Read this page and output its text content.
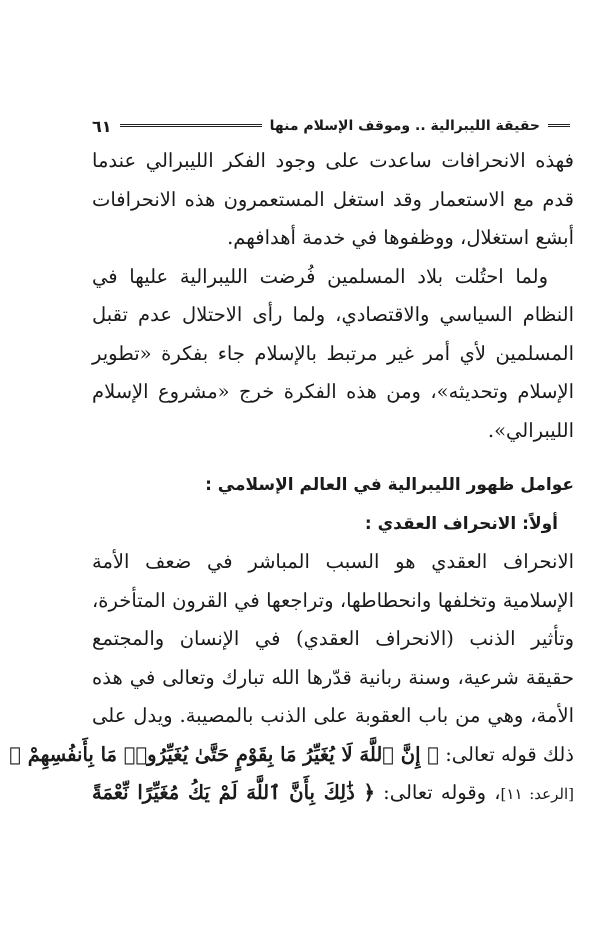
حقيقة الليبرالية .. وموقف الإسلام منها
٦١
فهذه الانحرافات ساعدت على وجود الفكر الليبرالي عندما
قدم مع الاستعمار وقد استغل المستعمرون هذه الانحرافات
أبشع استغلال، ووظفوها في خدمة أهدافهم.
ولما احتُلت بلاد المسلمين فُرضت الليبرالية عليها في
النظام السياسي والاقتصادي، ولما رأى الاحتلال عدم تقبل
المسلمين لأي أمر غير مرتبط بالإسلام جاء بفكرة «تطوير
الإسلام وتحديثه»، ومن هذه الفكرة خرج «مشروع الإسلام
الليبرالي».
عوامل ظهور الليبرالية في العالم الإسلامي :
أولاً: الانحراف العقدي :
الانحراف العقدي هو السبب المباشر في ضعف الأمة
الإسلامية وتخلفها وانحطاطها، وتراجعها في القرون المتأخرة،
وتأثير الذنب (الانحراف العقدي) في الإنسان والمجتمع
حقيقة شرعية، وسنة ربانية قدّرها الله تبارك وتعالى في هذه
الأمة، وهي من باب العقوبة على الذنب بالمصيبة. ويدل على
ذلك قوله تعالى: ﴿ إِنَّ ٱللَّهَ لَا يُغَيِّرُ مَا بِقَوْمٍ حَتَّىٰ يُغَيِّرُوا۟ مَا بِأَنفُسِهِمْ ﴾
[الرعد: ١١]، وقوله تعالى: ﴿ ذَٰلِكَ بِأَنَّ ٱللَّهَ لَمْ يَكُ مُغَيِّرًا نِّعْمَةً
